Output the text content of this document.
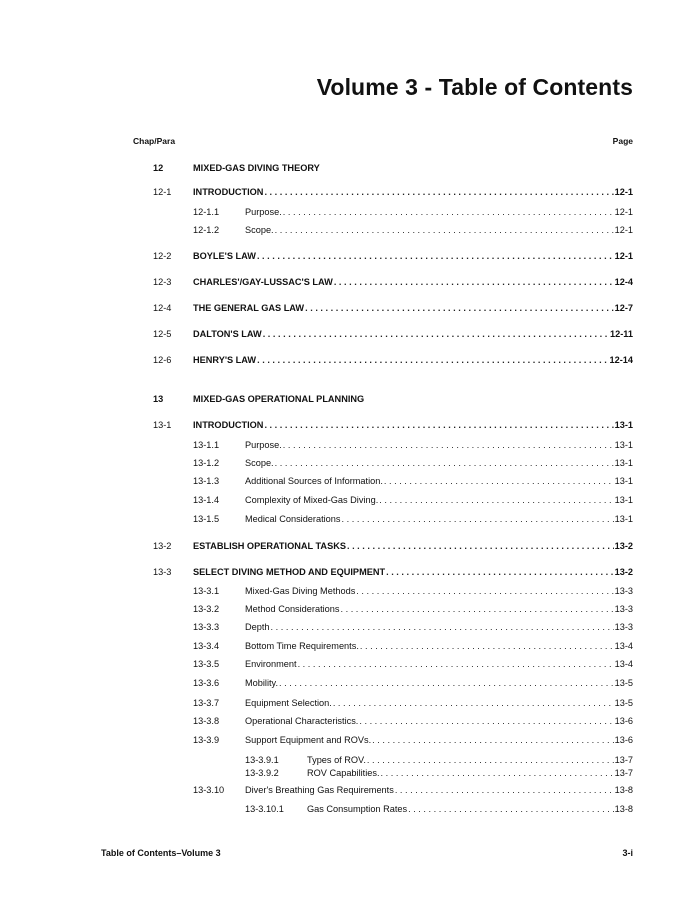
Volume 3 - Table of Contents
Chap/Para	Page
12	MIXED-GAS DIVING THEORY
12-1 INTRODUCTION . . .	12-1
12-1.1	Purpose. . . .	12-1
12-1.2	Scope. . . .	12-1
12-2 BOYLE'S LAW . . .	12-1
12-3 CHARLES'/GAY-LUSSAC'S LAW . . .	12-4
12-4 THE GENERAL GAS LAW . . .	12-7
12-5 DALTON'S LAW . . .	12-11
12-6 HENRY'S LAW . . .	12-14
13	MIXED-GAS OPERATIONAL PLANNING
13-1 INTRODUCTION . . .	13-1
13-1.1	Purpose. . . .	13-1
13-1.2	Scope. . . .	13-1
13-1.3	Additional Sources of Information. . . .	13-1
13-1.4	Complexity of Mixed-Gas Diving. . . .	13-1
13-1.5	Medical Considerations . . .	13-1
13-2 ESTABLISH OPERATIONAL TASKS . . .	13-2
13-3 SELECT DIVING METHOD AND EQUIPMENT . . .	13-2
13-3.1	Mixed-Gas Diving Methods . . .	13-3
13-3.2	Method Considerations . . .	13-3
13-3.3	Depth . . .	13-3
13-3.4	Bottom Time Requirements. . . .	13-4
13-3.5	Environment . . .	13-4
13-3.6	Mobility. . . .	13-5
13-3.7	Equipment Selection. . . .	13-5
13-3.8	Operational Characteristics. . . .	13-6
13-3.9	Support Equipment and ROVs. . . .	13-6
13-3.9.1	Types of ROV. . . .	13-7
13-3.9.2	ROV Capabilities. . . .	13-7
13-3.10 Diver's Breathing Gas Requirements . . .	13-8
13-3.10.1	Gas Consumption Rates . . .	13-8
Table of Contents–Volume 3	3-i
